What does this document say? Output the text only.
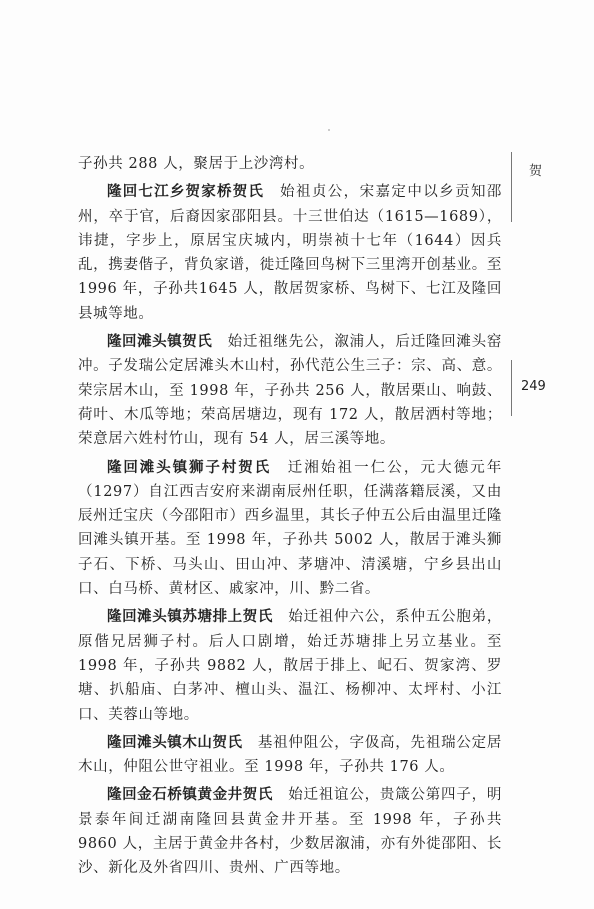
子孙共 288 人，聚居于上沙湾村。

隆回七江乡贺家桥贺氏　始祖贞公，宋嘉定中以乡贡知邵州，卒于官，后裔因家邵阳县。十三世伯达（1615—1689），讳捷，字步上，原居宝庆城内，明崇祯十七年（1644）因兵乱，携妻偕子，背负家谱，徙迁隆回鸟树下三里湾开创基业。至 1996 年，子孙共1645 人，散居贺家桥、鸟树下、七江及隆回县城等地。

隆回滩头镇贺氏　始迁祖继先公，溆浦人，后迁隆回滩头窑冲。子发瑞公定居滩头木山村，孙代范公生三子：宗、高、意。荣宗居木山，至 1998 年，子孙共 256 人，散居栗山、响鼓、荷叶、木瓜等地；荣高居塘边，现有 172 人，散居洒村等地；荣意居六姓村竹山，现有 54 人，居三溪等地。

隆回滩头镇狮子村贺氏　迁湘始祖一仁公，元大德元年（1297）自江西吉安府来湖南辰州任职，任满落籍辰溪，又由辰州迁宝庆（今邵阳市）西乡温里，其长子仲五公后由温里迁隆回滩头镇开基。至 1998 年，子孙共 5002 人，散居于滩头狮子石、下桥、马头山、田山冲、茅塘冲、清溪塘，宁乡县出山口、白马桥、黄材区、戚家冲，川、黔二省。

隆回滩头镇苏塘排上贺氏　始迁祖仲六公，系仲五公胞弟，原偕兄居狮子村。后人口剧增，始迁苏塘排上另立基业。至 1998 年，子孙共 9882 人，散居于排上、屺石、贺家湾、罗塘、扒船庙、白茅冲、檀山头、温江、杨柳冲、太坪村、小江口、芙蓉山等地。

隆回滩头镇木山贺氏　基祖仲阻公，字伋高，先祖瑞公定居木山，仲阻公世守祖业。至 1998 年，子孙共 176 人。

隆回金石桥镇黄金井贺氏　始迁祖谊公，贵箴公第四子，明景泰年间迁湖南隆回县黄金井开基。至 1998 年，子孙共 9860 人，主居于黄金井各村，少数居溆浦，亦有外徙邵阳、长沙、新化及外省四川、贵州、广西等地。

贺
249
